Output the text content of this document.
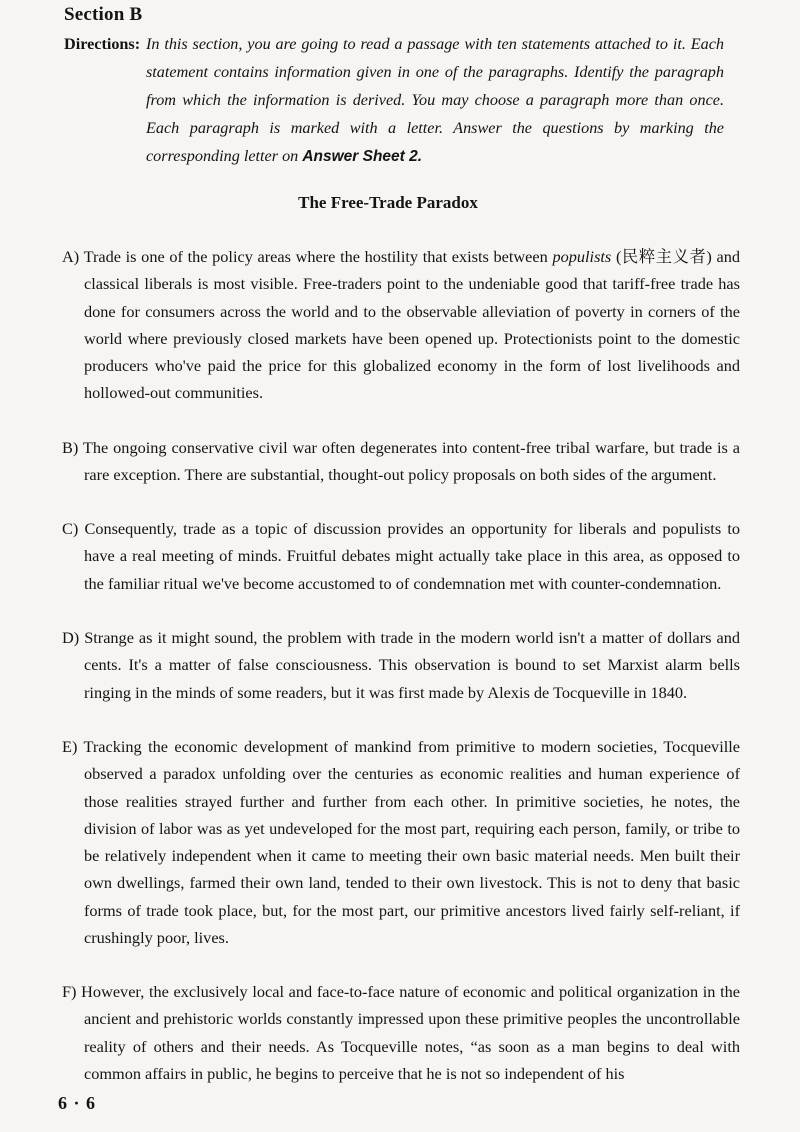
Section B
Directions: In this section, you are going to read a passage with ten statements attached to it. Each statement contains information given in one of the paragraphs. Identify the paragraph from which the information is derived. You may choose a paragraph more than once. Each paragraph is marked with a letter. Answer the questions by marking the corresponding letter on Answer Sheet 2.
The Free-Trade Paradox
A) Trade is one of the policy areas where the hostility that exists between populists (民粹主义者) and classical liberals is most visible. Free-traders point to the undeniable good that tariff-free trade has done for consumers across the world and to the observable alleviation of poverty in corners of the world where previously closed markets have been opened up. Protectionists point to the domestic producers who've paid the price for this globalized economy in the form of lost livelihoods and hollowed-out communities.
B) The ongoing conservative civil war often degenerates into content-free tribal warfare, but trade is a rare exception. There are substantial, thought-out policy proposals on both sides of the argument.
C) Consequently, trade as a topic of discussion provides an opportunity for liberals and populists to have a real meeting of minds. Fruitful debates might actually take place in this area, as opposed to the familiar ritual we've become accustomed to of condemnation met with counter-condemnation.
D) Strange as it might sound, the problem with trade in the modern world isn't a matter of dollars and cents. It's a matter of false consciousness. This observation is bound to set Marxist alarm bells ringing in the minds of some readers, but it was first made by Alexis de Tocqueville in 1840.
E) Tracking the economic development of mankind from primitive to modern societies, Tocqueville observed a paradox unfolding over the centuries as economic realities and human experience of those realities strayed further and further from each other. In primitive societies, he notes, the division of labor was as yet undeveloped for the most part, requiring each person, family, or tribe to be relatively independent when it came to meeting their own basic material needs. Men built their own dwellings, farmed their own land, tended to their own livestock. This is not to deny that basic forms of trade took place, but, for the most part, our primitive ancestors lived fairly self-reliant, if crushingly poor, lives.
F) However, the exclusively local and face-to-face nature of economic and political organization in the ancient and prehistoric worlds constantly impressed upon these primitive peoples the uncontrollable reality of others and their needs. As Tocqueville notes, “as soon as a man begins to deal with common affairs in public, he begins to perceive that he is not so independent of his
6 · 6
